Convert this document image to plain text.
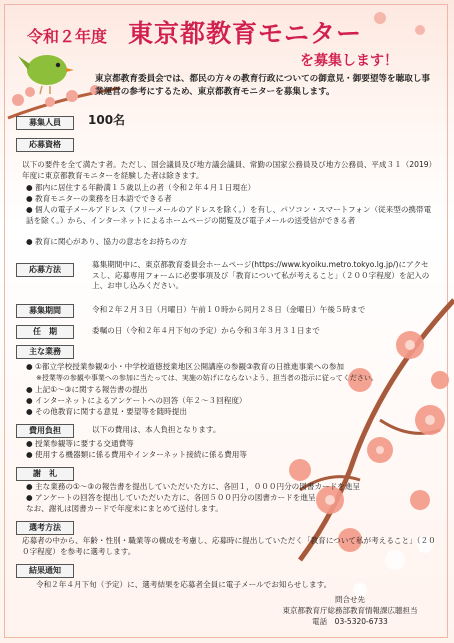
令和２年度 東京都教育モニター
を募集します！
東京都教育委員会では、都民の方々の教育行政についての御意見・御要望等を聴取し事業運営の参考にするため、東京都教育モニターを募集します。
募集人員	100名
応募資格
以下の要件を全て満たす者。ただし、国会議員及び地方議会議員、常勤の国家公務員及び地方公務員、平成３１（2019）年度に東京都教育モニターを経験した者は除きます。
● 都内に居住する年齢満１５歳以上の者（令和２年４月１日現在）
● 教育モニターの業務を日本語でできる者
● 個人の電子メールアドレス（フリーメールのアドレスを除く。）を有し、パソコン・スマートフォン（従来型の携帯電話を除く。）から、インターネットによるホームページの閲覧及び電子メールの送受信ができる者
● 教育に関心があり、協力の意志をお持ちの方
応募方法
募集期間中に、東京都教育委員会ホームページ(https://www.kyoiku.metro.tokyo.lg.jp/)にアクセスし、応募専用フォームに必要事項及び「教育について私が考えること」（２００字程度）を記入の上、お申し込みください。
募集期間	令和２年２月３日（月曜日）午前１０時から同月２８日（金曜日）午後５時まで
任　期	委嘱の日（令和２年４月下旬の予定）から令和３年３月３１日まで
主な業務
● ①都立学校授業参観②小・中学校道徳授業地区公開講座の参観③教育の日推進事業への参加
※授業等の参観や事業への参加に当たっては、実施の妨げにならないよう、担当者の指示に従ってください。
● 上記①～③に関する報告書の提出
● インターネットによるアンケートへの回答（年２～３回程度）
● その他教育に関する意見・要望等を随時提出
費用負担	以下の費用は、本人負担となります。
● 授業参観等に要する交通費等
● 使用する機器類に係る費用やインターネット接続に係る費用等
謝　礼
● 主な業務の①～③の報告書を提出していただいた方に、各回１，０００円分の図書カードを進呈
● アンケートの回答を提出していただいた方に、各回５００円分の図書カードを進呈
なお、謝礼は図書カードで年度末にまとめて送付します。
選考方法
応募者の中から、年齢・性別・職業等の構成を考慮し、応募時に提出していただく「教育について私が考えること」（２００字程度）を参考に選考します。
結果通知
令和２年４月下旬（予定）に、選考結果を応募者全員に電子メールでお知らせします。
問合せ先
東京都教育庁総務部教育情報課広聴担当
電話　03-5320-6733
